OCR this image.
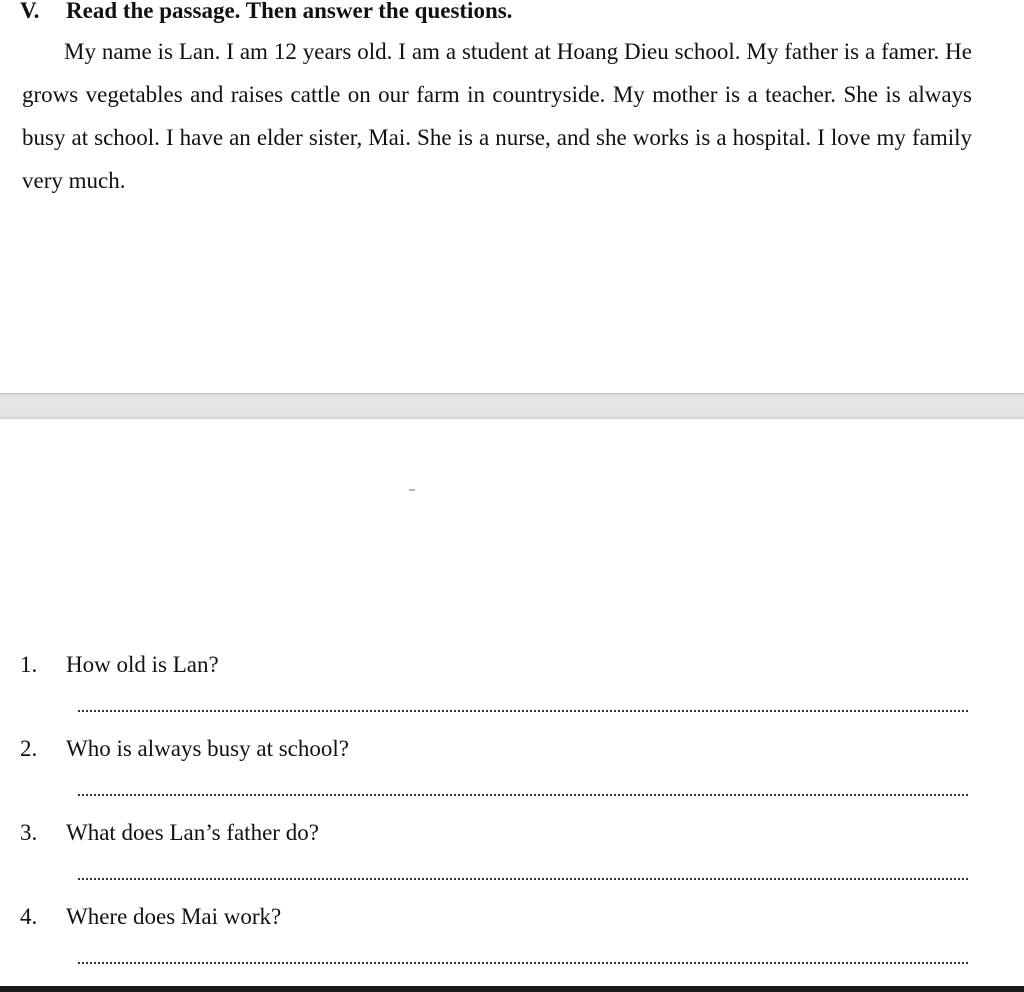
V. Read the passage. Then answer the questions.

My name is Lan. I am 12 years old. I am a student at Hoang Dieu school. My father is a famer. He grows vegetables and raises cattle on our farm in countryside. My mother is a teacher. She is always busy at school. I have an elder sister, Mai. She is a nurse, and she works is a hospital. I love my family very much.

1. How old is Lan?
2. Who is always busy at school?
3. What does Lan’s father do?
4. Where does Mai work?
